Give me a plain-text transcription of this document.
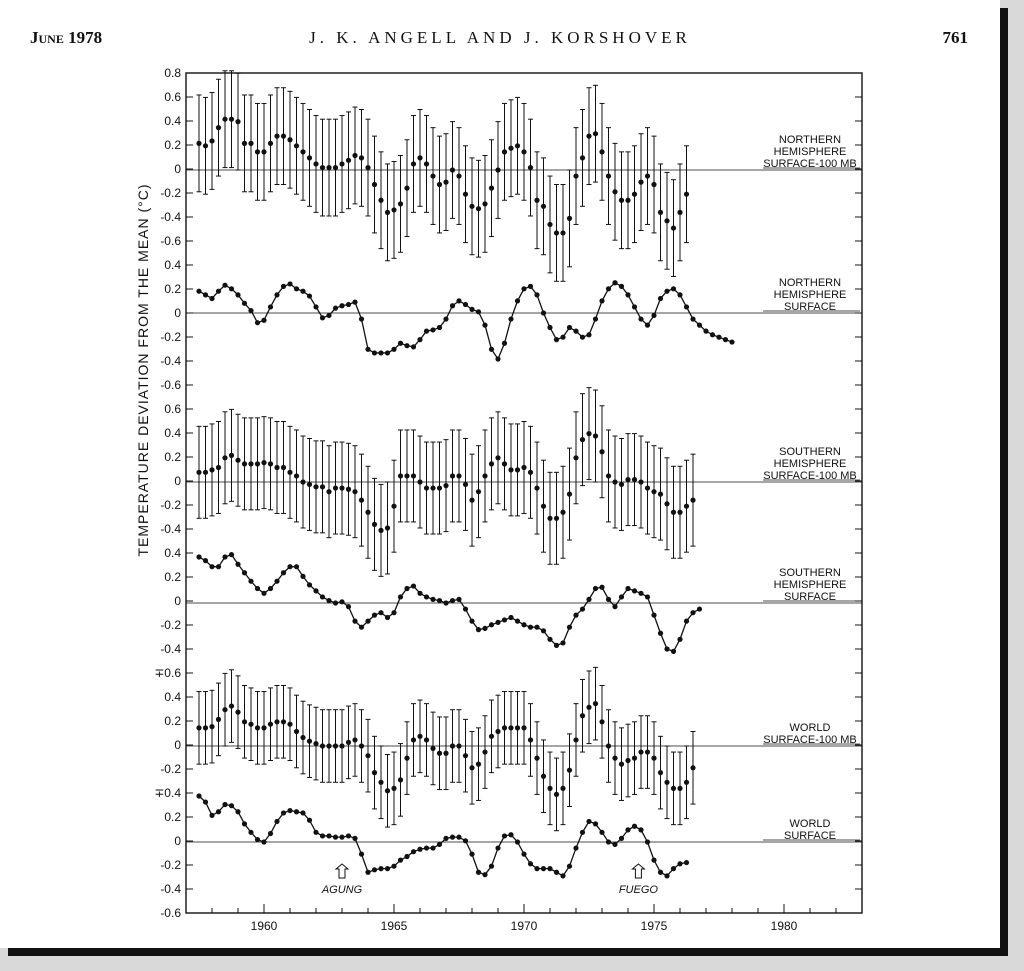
June 1978	J. K. ANGELL AND J. KORSHOVER	761
TEMPERATURE DEVIATION FROM THE MEAN (°C)
0.8
0.6
0.4
0.2
0
-0.2
-0.4
-0.6
0.4
0.2
0
-0.2
-0.4
-0.6
0.6
0.4
0.2
0
-0.2
-0.4
0.4
0.2
0
-0.2
-0.4
∓0.6
0.4
0.2
0
-0.2
∓0.4
0.2
0
-0.2
-0.4
-0.6
1960	1965	1970	1975	1980
NORTHERN
HEMISPHERE
SURFACE-100 MB
NORTHERN
HEMISPHERE
SURFACE
SOUTHERN
HEMISPHERE
SURFACE-100 MB
SOUTHERN
HEMISPHERE
SURFACE
WORLD
SURFACE-100 MB
WORLD
SURFACE
AGUNG	FUEGO
